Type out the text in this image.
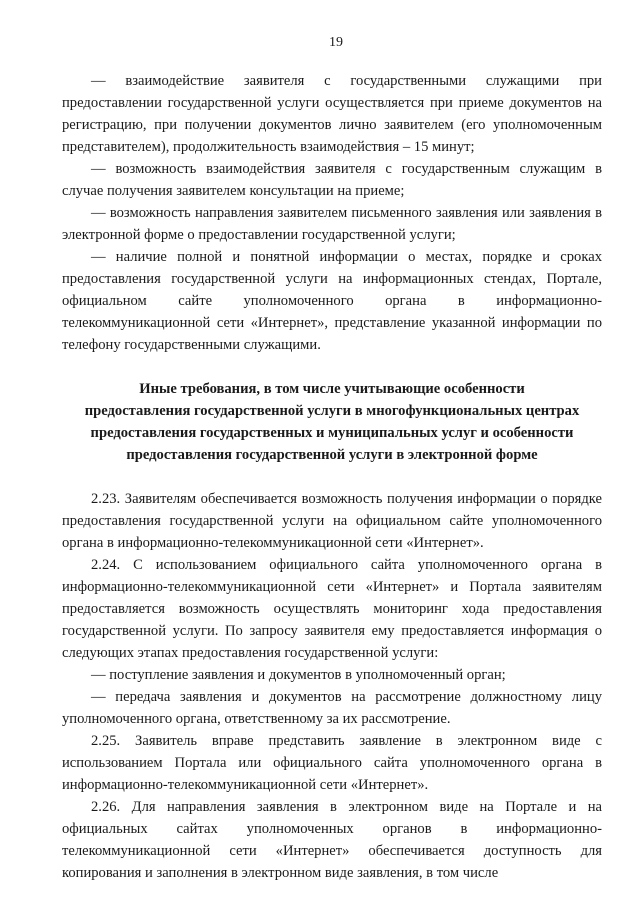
19

— взаимодействие заявителя с государственными служащими при предоставлении государственной услуги осуществляется при приеме документов на регистрацию, при получении документов лично заявителем (его уполномоченным представителем), продолжительность взаимодействия – 15 минут;

— возможность взаимодействия заявителя с государственным служащим в случае получения заявителем консультации на приеме;

— возможность направления заявителем письменного заявления или заявления в электронной форме о предоставлении государственной услуги;

— наличие полной и понятной информации о местах, порядке и сроках предоставления государственной услуги на информационных стендах, Портале, официальном сайте уполномоченного органа в информационно-телекоммуникационной сети «Интернет», представление указанной информации по телефону государственными служащими.

Иные требования, в том числе учитывающие особенности
предоставления государственной услуги в многофункциональных центрах
предоставления государственных и муниципальных услуг и особенности
предоставления государственной услуги в электронной форме

2.23. Заявителям обеспечивается возможность получения информации о порядке предоставления государственной услуги на официальном сайте уполномоченного органа в информационно-телекоммуникационной сети «Интернет».

2.24. С использованием официального сайта уполномоченного органа в информационно-телекоммуникационной сети «Интернет» и Портала заявителям предоставляется возможность осуществлять мониторинг хода предоставления государственной услуги. По запросу заявителя ему предоставляется информация о следующих этапах предоставления государственной услуги:

— поступление заявления и документов в уполномоченный орган;

— передача заявления и документов на рассмотрение должностному лицу уполномоченного органа, ответственному за их рассмотрение.

2.25. Заявитель вправе представить заявление в электронном виде с использованием Портала или официального сайта уполномоченного органа в информационно-телекоммуникационной сети «Интернет».

2.26. Для направления заявления в электронном виде на Портале и на официальных сайтах уполномоченных органов в информационно-телекоммуникационной сети «Интернет» обеспечивается доступность для копирования и заполнения в электронном виде заявления, в том числе
